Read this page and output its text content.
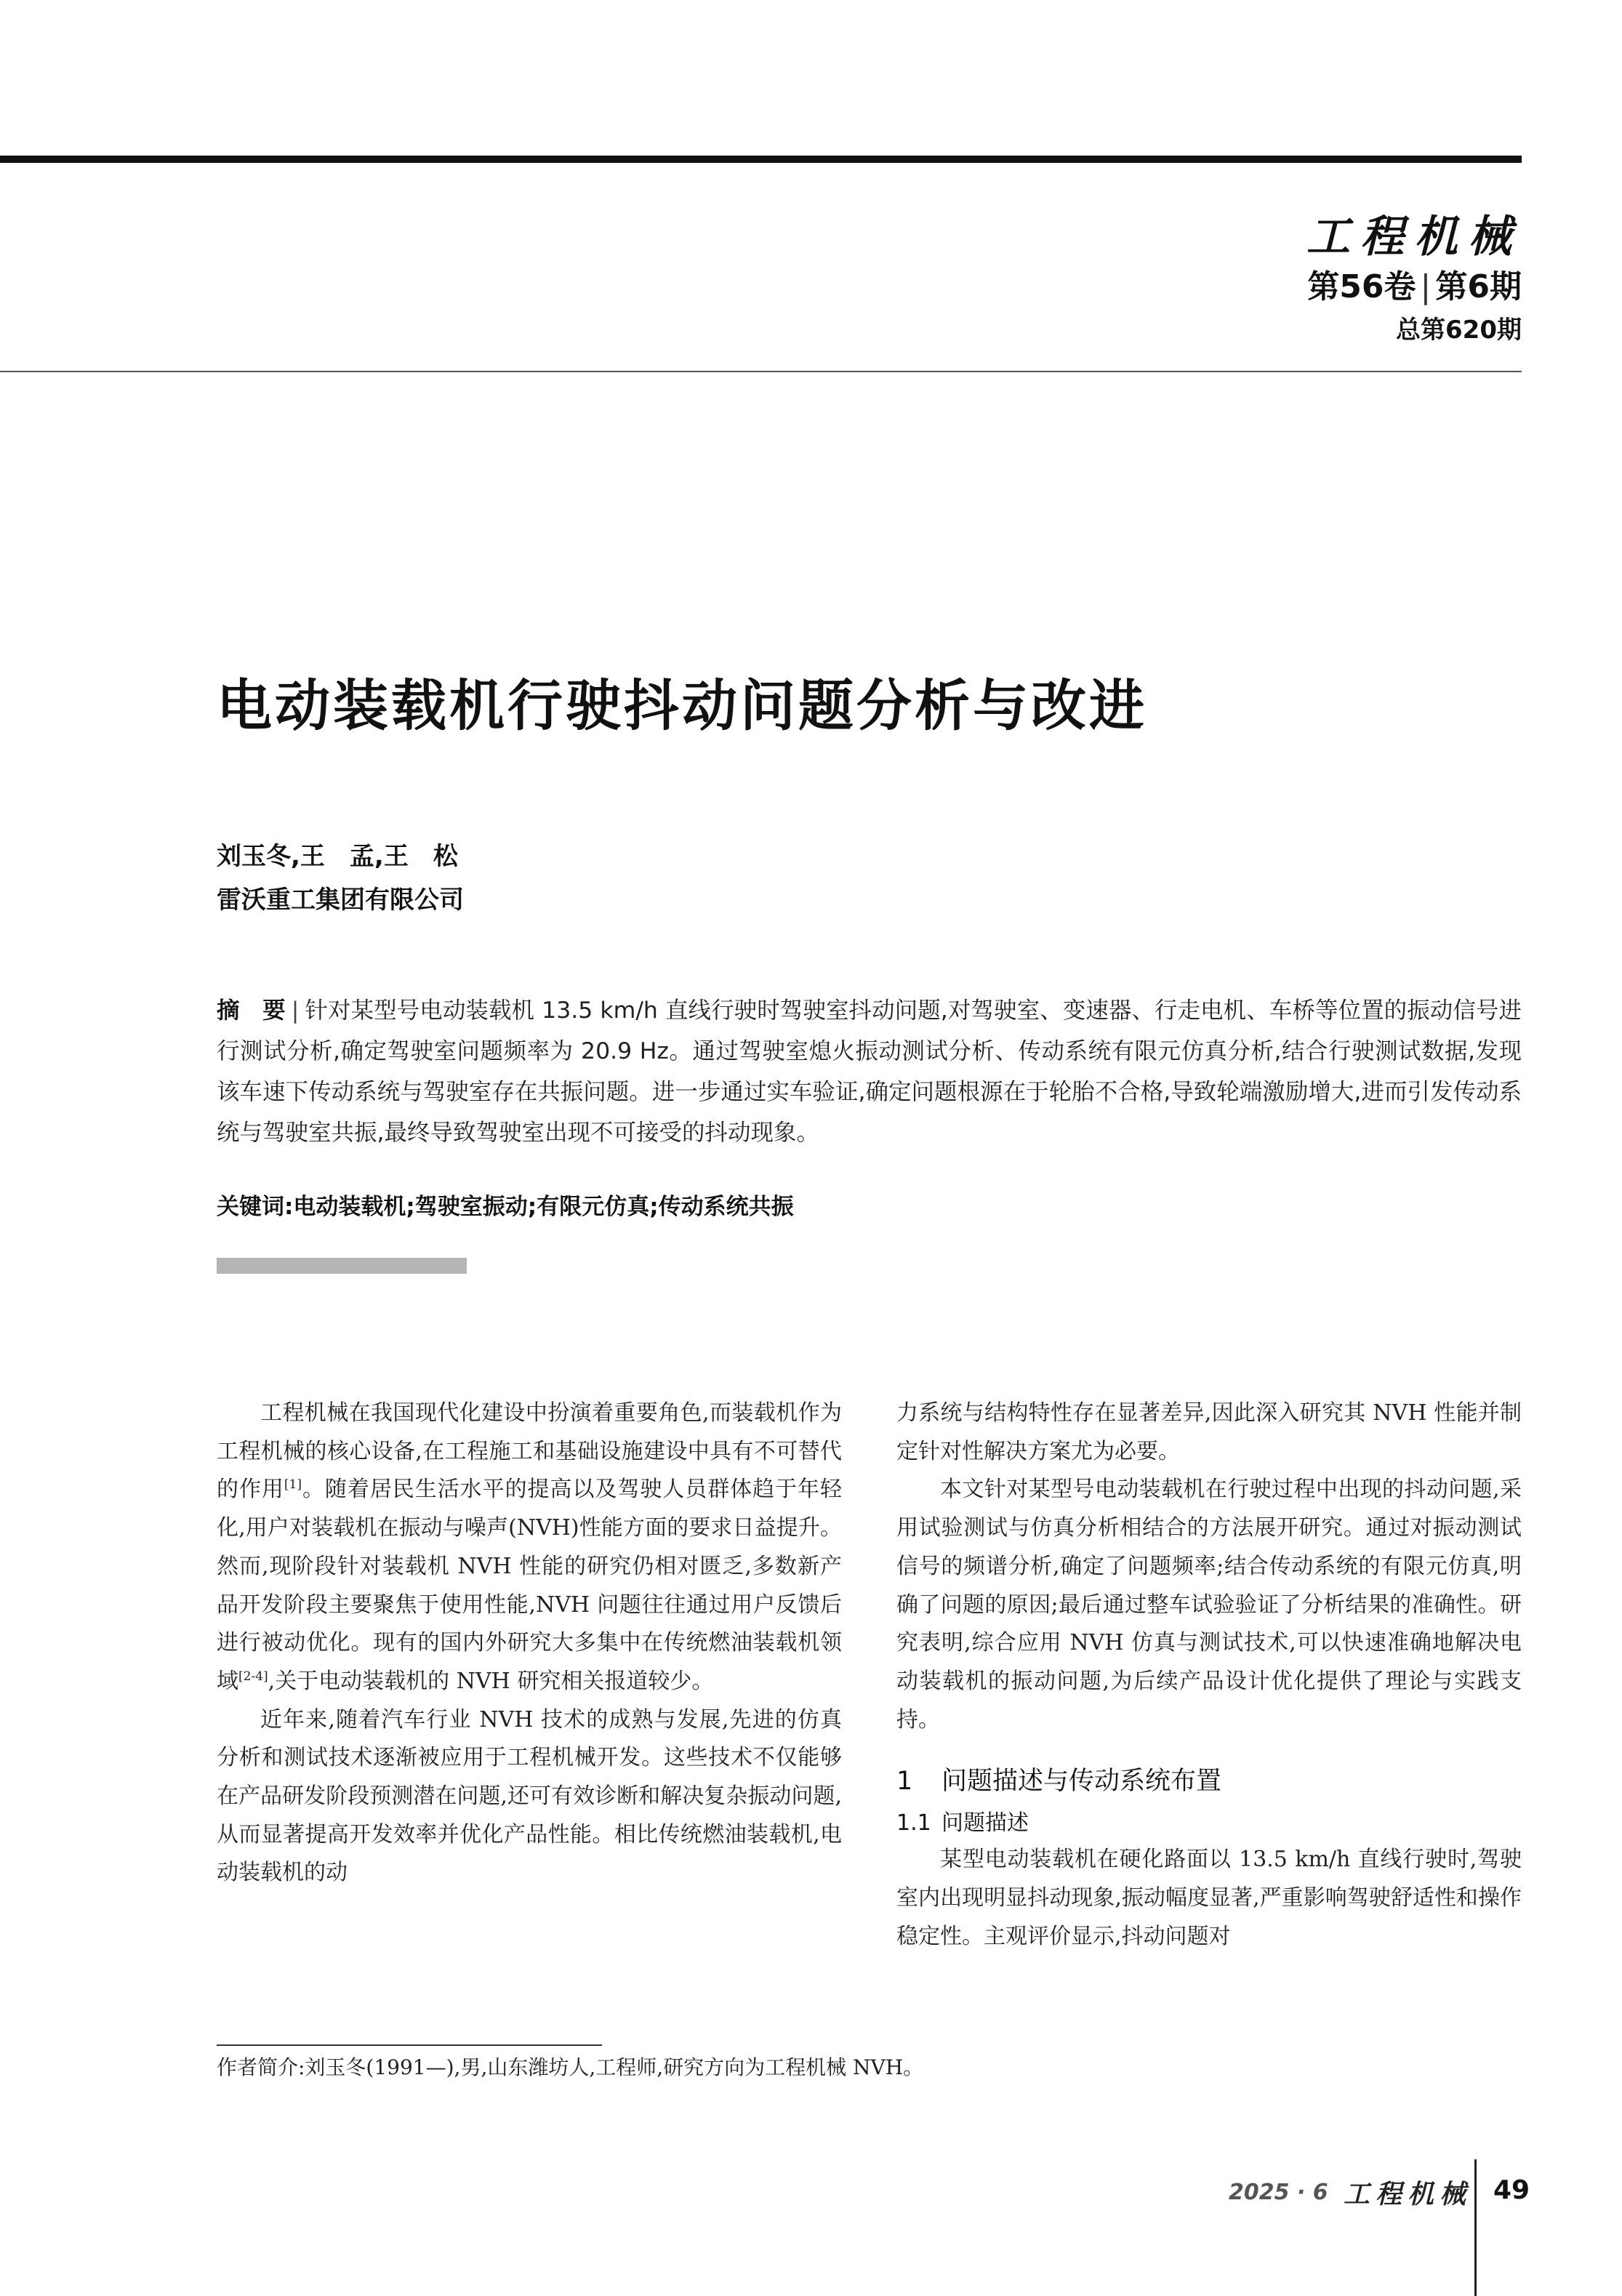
工程机械
第56卷 | 第6期
总第620期
电动装载机行驶抖动问题分析与改进
刘玉冬,王　孟,王　松
雷沃重工集团有限公司
摘　要 | 针对某型号电动装载机 13.5 km/h 直线行驶时驾驶室抖动问题,对驾驶室、变速器、行走电机、车桥等位置的振动信号进行测试分析,确定驾驶室问题频率为 20.9 Hz。通过驾驶室熄火振动测试分析、传动系统有限元仿真分析,结合行驶测试数据,发现该车速下传动系统与驾驶室存在共振问题。进一步通过实车验证,确定问题根源在于轮胎不合格,导致轮端激励增大,进而引发传动系统与驾驶室共振,最终导致驾驶室出现不可接受的抖动现象。
关键词:电动装载机;驾驶室振动;有限元仿真;传动系统共振

工程机械在我国现代化建设中扮演着重要角色,而装载机作为工程机械的核心设备,在工程施工和基础设施建设中具有不可替代的作用[1]。随着居民生活水平的提高以及驾驶人员群体趋于年轻化,用户对装载机在振动与噪声(NVH)性能方面的要求日益提升。然而,现阶段针对装载机 NVH 性能的研究仍相对匮乏,多数新产品开发阶段主要聚焦于使用性能,NVH 问题往往通过用户反馈后进行被动优化。现有的国内外研究大多集中在传统燃油装载机领域[2-4],关于电动装载机的 NVH 研究相关报道较少。

近年来,随着汽车行业 NVH 技术的成熟与发展,先进的仿真分析和测试技术逐渐被应用于工程机械开发。这些技术不仅能够在产品研发阶段预测潜在问题,还可有效诊断和解决复杂振动问题,从而显著提高开发效率并优化产品性能。相比传统燃油装载机,电动装载机的动

力系统与结构特性存在显著差异,因此深入研究其 NVH 性能并制定针对性解决方案尤为必要。

本文针对某型号电动装载机在行驶过程中出现的抖动问题,采用试验测试与仿真分析相结合的方法展开研究。通过对振动测试信号的频谱分析,确定了问题频率;结合传动系统的有限元仿真,明确了问题的原因;最后通过整车试验验证了分析结果的准确性。研究表明,综合应用 NVH 仿真与测试技术,可以快速准确地解决电动装载机的振动问题,为后续产品设计优化提供了理论与实践支持。

1 问题描述与传动系统布置

1.1 问题描述

某型电动装载机在硬化路面以 13.5 km/h 直线行驶时,驾驶室内出现明显抖动现象,振动幅度显著,严重影响驾驶舒适性和操作稳定性。主观评价显示,抖动问题对

作者简介:刘玉冬(1991—),男,山东潍坊人,工程师,研究方向为工程机械 NVH。
2025 · 6 工程机械 49
